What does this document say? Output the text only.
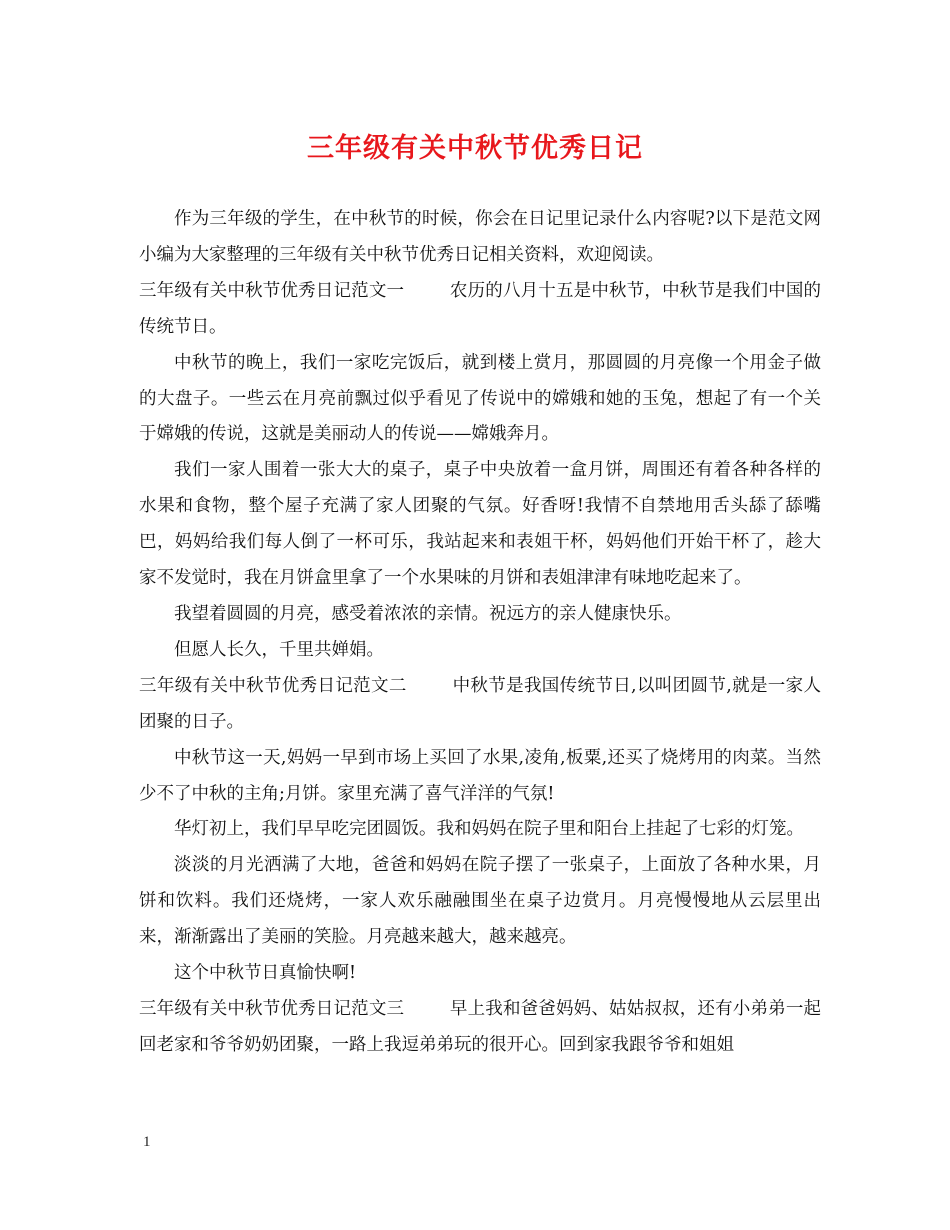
三年级有关中秋节优秀日记

作为三年级的学生，在中秋节的时候，你会在日记里记录什么内容呢?以下是范文网小编为大家整理的三年级有关中秋节优秀日记相关资料，欢迎阅读。

三年级有关中秋节优秀日记范文一	农历的八月十五是中秋节，中秋节是我们中国的传统节日。

中秋节的晚上，我们一家吃完饭后，就到楼上赏月，那圆圆的月亮像一个用金子做的大盘子。一些云在月亮前飘过似乎看见了传说中的嫦娥和她的玉兔，想起了有一个关于嫦娥的传说，这就是美丽动人的传说——嫦娥奔月。

我们一家人围着一张大大的桌子，桌子中央放着一盒月饼，周围还有着各种各样的水果和食物，整个屋子充满了家人团聚的气氛。好香呀!我情不自禁地用舌头舔了舔嘴巴，妈妈给我们每人倒了一杯可乐，我站起来和表姐干杯，妈妈他们开始干杯了，趁大家不发觉时，我在月饼盒里拿了一个水果味的月饼和表姐津津有味地吃起来了。

我望着圆圆的月亮，感受着浓浓的亲情。祝远方的亲人健康快乐。

但愿人长久，千里共婵娟。

三年级有关中秋节优秀日记范文二	中秋节是我国传统节日,以叫团圆节,就是一家人团聚的日子。

中秋节这一天,妈妈一早到市场上买回了水果,凌角,板粟,还买了烧烤用的肉菜。当然少不了中秋的主角;月饼。家里充满了喜气洋洋的气氛!

华灯初上，我们早早吃完团圆饭。我和妈妈在院子里和阳台上挂起了七彩的灯笼。

淡淡的月光洒满了大地，爸爸和妈妈在院子摆了一张桌子，上面放了各种水果，月饼和饮料。我们还烧烤，一家人欢乐融融围坐在桌子边赏月。月亮慢慢地从云层里出来，渐渐露出了美丽的笑脸。月亮越来越大，越来越亮。

这个中秋节日真愉快啊!

三年级有关中秋节优秀日记范文三	早上我和爸爸妈妈、姑姑叔叔，还有小弟弟一起回老家和爷爷奶奶团聚，一路上我逗弟弟玩的很开心。回到家我跟爷爷和姐姐

1
